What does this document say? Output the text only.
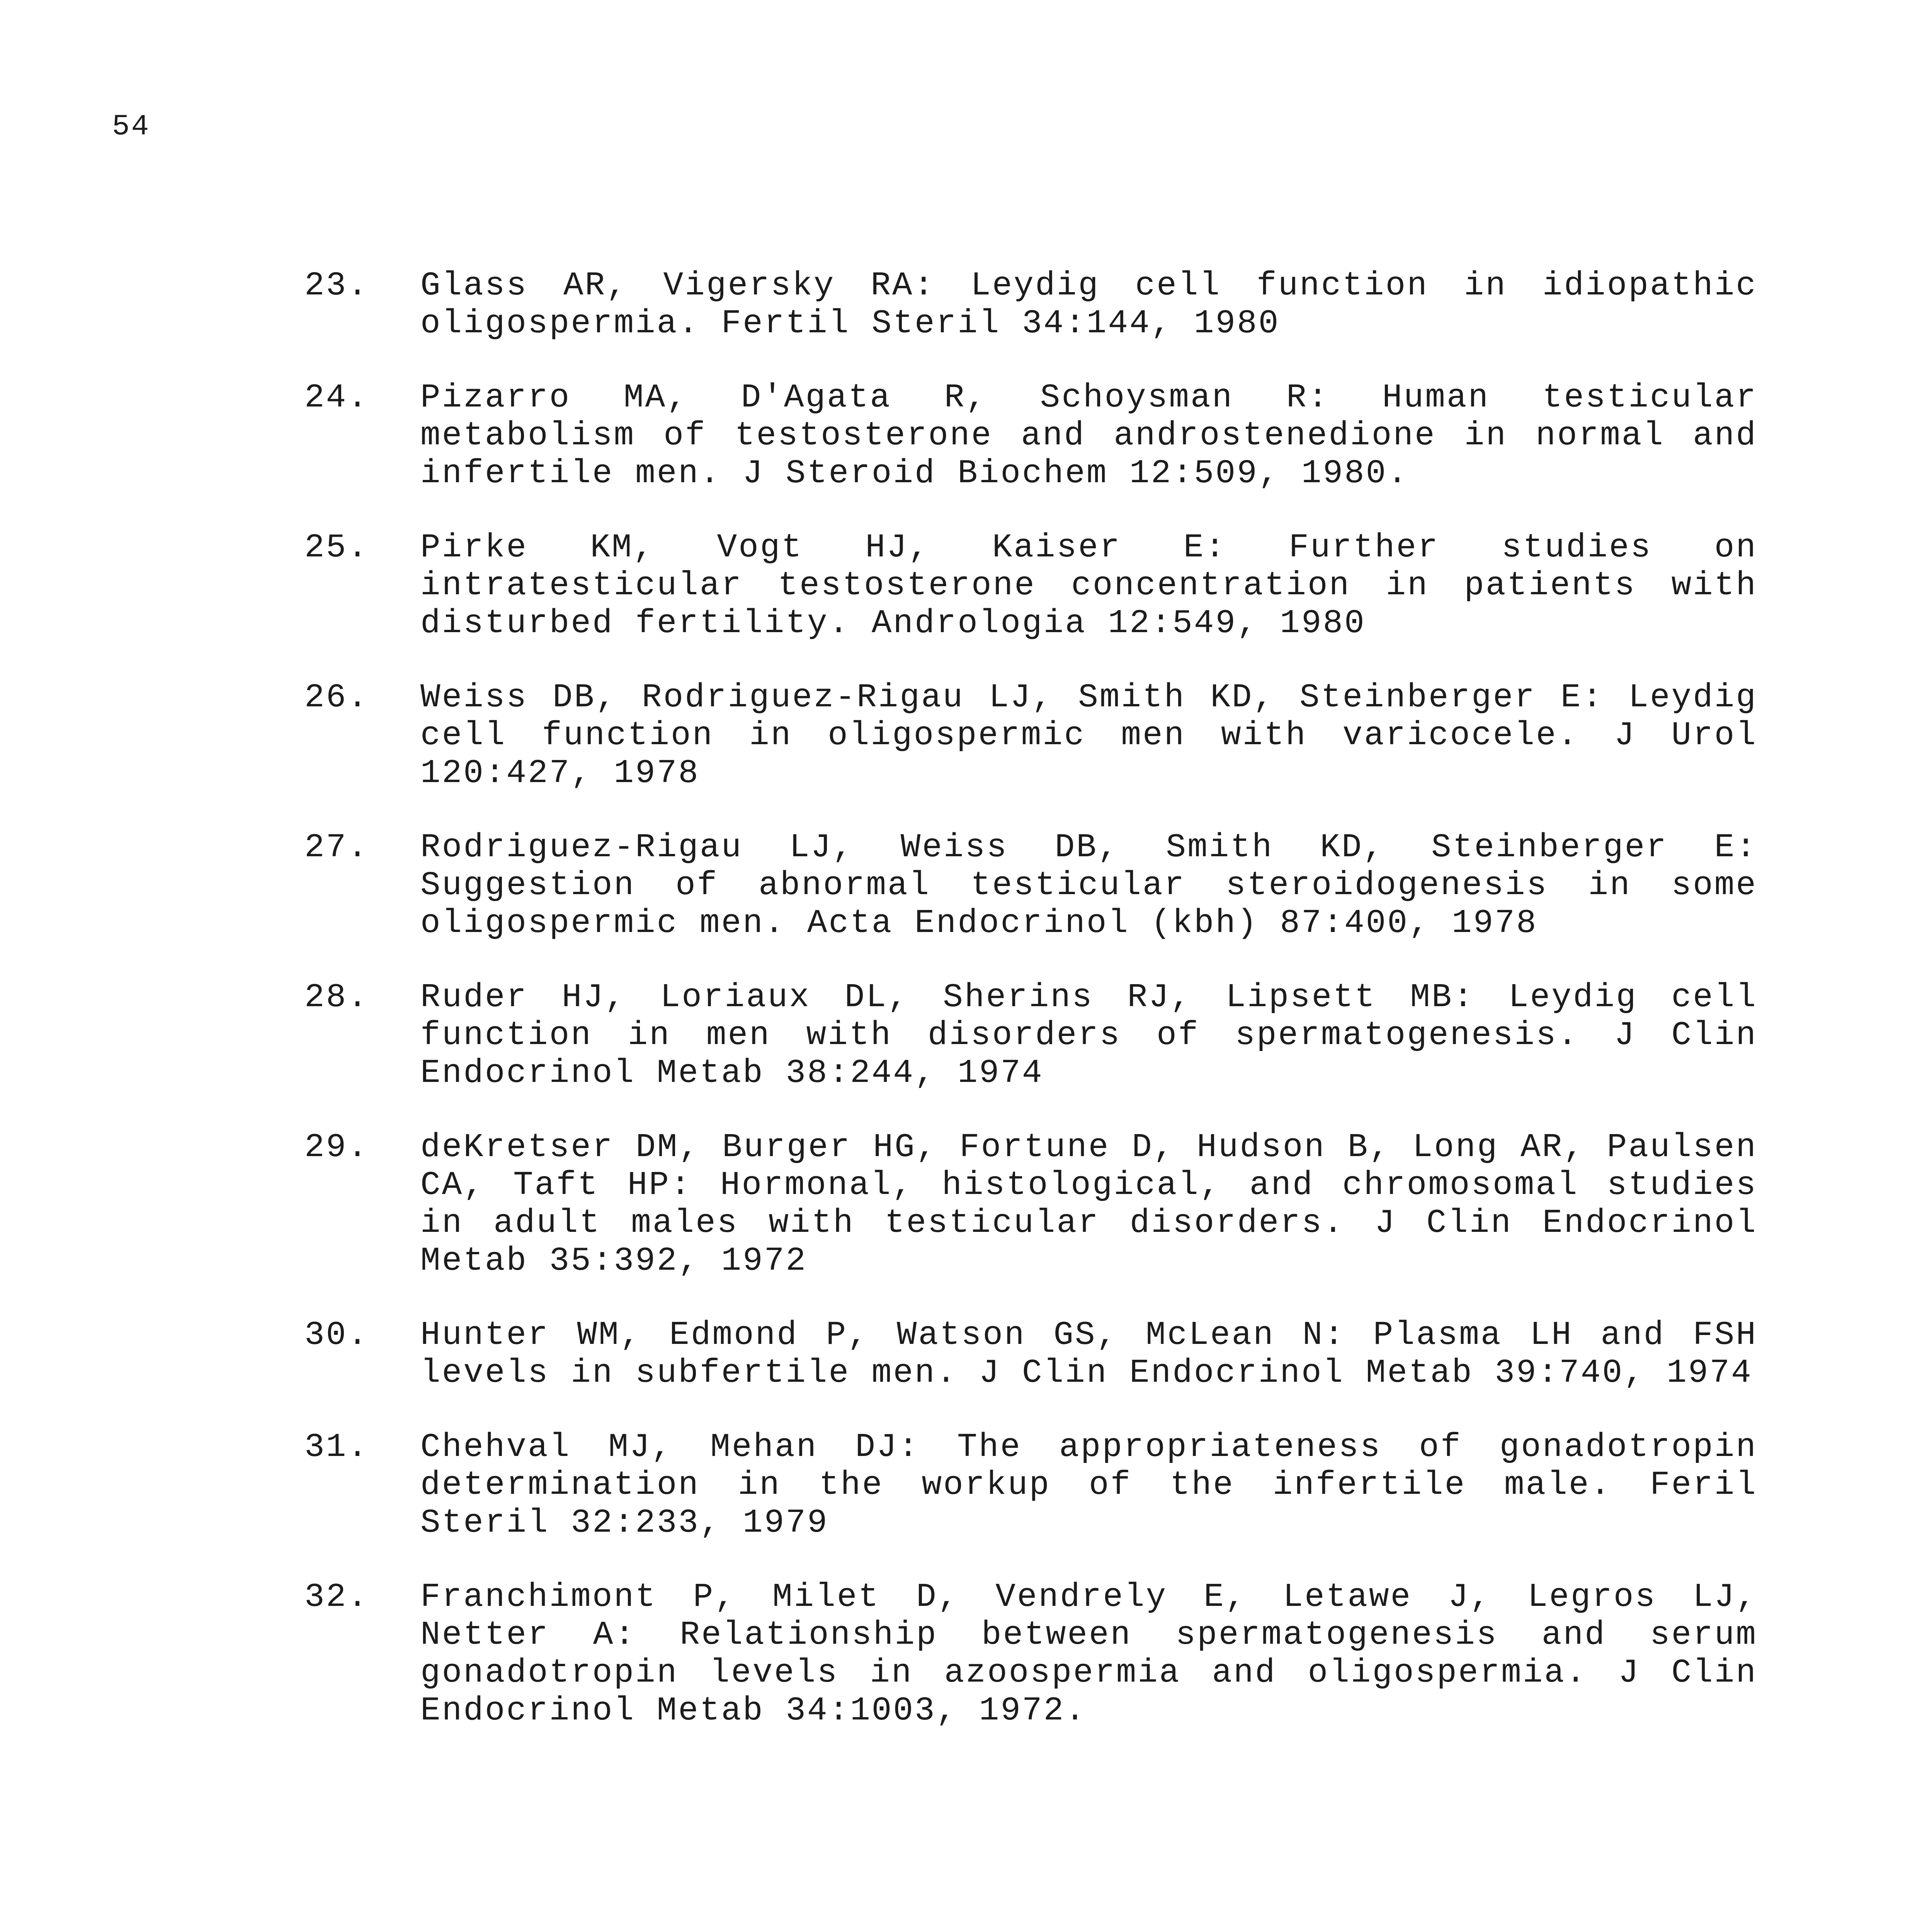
54
23.	Glass AR, Vigersky RA: Leydig cell function in idiopathic oligospermia. Fertil Steril 34:144, 1980
24.	Pizarro MA, D'Agata R, Schoysman R: Human testicular metabolism of testosterone and androstenedione in normal and infertile men. J Steroid Biochem 12:509, 1980.
25.	Pirke KM, Vogt HJ, Kaiser E: Further studies on intratesticular testosterone concentration in patients with disturbed fertility. Andrologia 12:549, 1980
26.	Weiss DB, Rodriguez-Rigau LJ, Smith KD, Steinberger E: Leydig cell function in oligospermic men with varicocele. J Urol 120:427, 1978
27.	Rodriguez-Rigau LJ, Weiss DB, Smith KD, Steinberger E: Suggestion of abnormal testicular steroidogenesis in some oligospermic men. Acta Endocrinol (kbh) 87:400, 1978
28.	Ruder HJ, Loriaux DL, Sherins RJ, Lipsett MB: Leydig cell function in men with disorders of spermatogenesis. J Clin Endocrinol Metab 38:244, 1974
29.	deKretser DM, Burger HG, Fortune D, Hudson B, Long AR, Paulsen CA, Taft HP: Hormonal, histological, and chromosomal studies in adult males with testicular disorders. J Clin Endocrinol Metab 35:392, 1972
30.	Hunter WM, Edmond P, Watson GS, McLean N: Plasma LH and FSH levels in subfertile men. J Clin Endocrinol Metab 39:740, 1974
31.	Chehval MJ, Mehan DJ: The appropriateness of gonadotropin determination in the workup of the infertile male. Feril Steril 32:233, 1979
32.	Franchimont P, Milet D, Vendrely E, Letawe J, Legros LJ, Netter A: Relationship between spermatogenesis and serum gonadotropin levels in azoospermia and oligospermia. J Clin Endocrinol Metab 34:1003, 1972.
